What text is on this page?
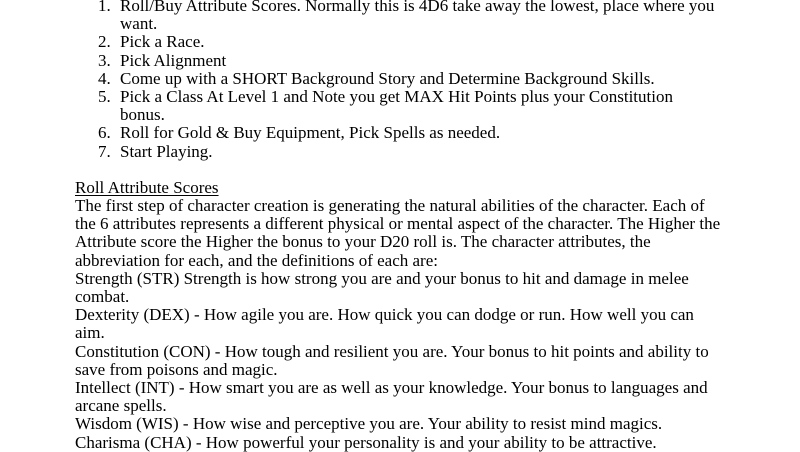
1. Roll/Buy Attribute Scores. Normally this is 4D6 take away the lowest, place where you want.
2. Pick a Race.
3. Pick Alignment
4. Come up with a SHORT Background Story and Determine Background Skills.
5. Pick a Class At Level 1 and Note you get MAX Hit Points plus your Constitution bonus.
6. Roll for Gold & Buy Equipment, Pick Spells as needed.
7. Start Playing.
Roll Attribute Scores

The first step of character creation is generating the natural abilities of the character. Each of the 6 attributes represents a different physical or mental aspect of the character. The Higher the Attribute score the Higher the bonus to your D20 roll is. The character attributes, the abbreviation for each, and the definitions of each are:

Strength (STR) Strength is how strong you are and your bonus to hit and damage in melee combat.

Dexterity (DEX) - How agile you are. How quick you can dodge or run. How well you can aim.

Constitution (CON) - How tough and resilient you are. Your bonus to hit points and ability to save from poisons and magic.

Intellect (INT) - How smart you are as well as your knowledge. Your bonus to languages and arcane spells.

Wisdom (WIS) - How wise and perceptive you are. Your ability to resist mind magics.

Charisma (CHA) - How powerful your personality is and your ability to be attractive.
